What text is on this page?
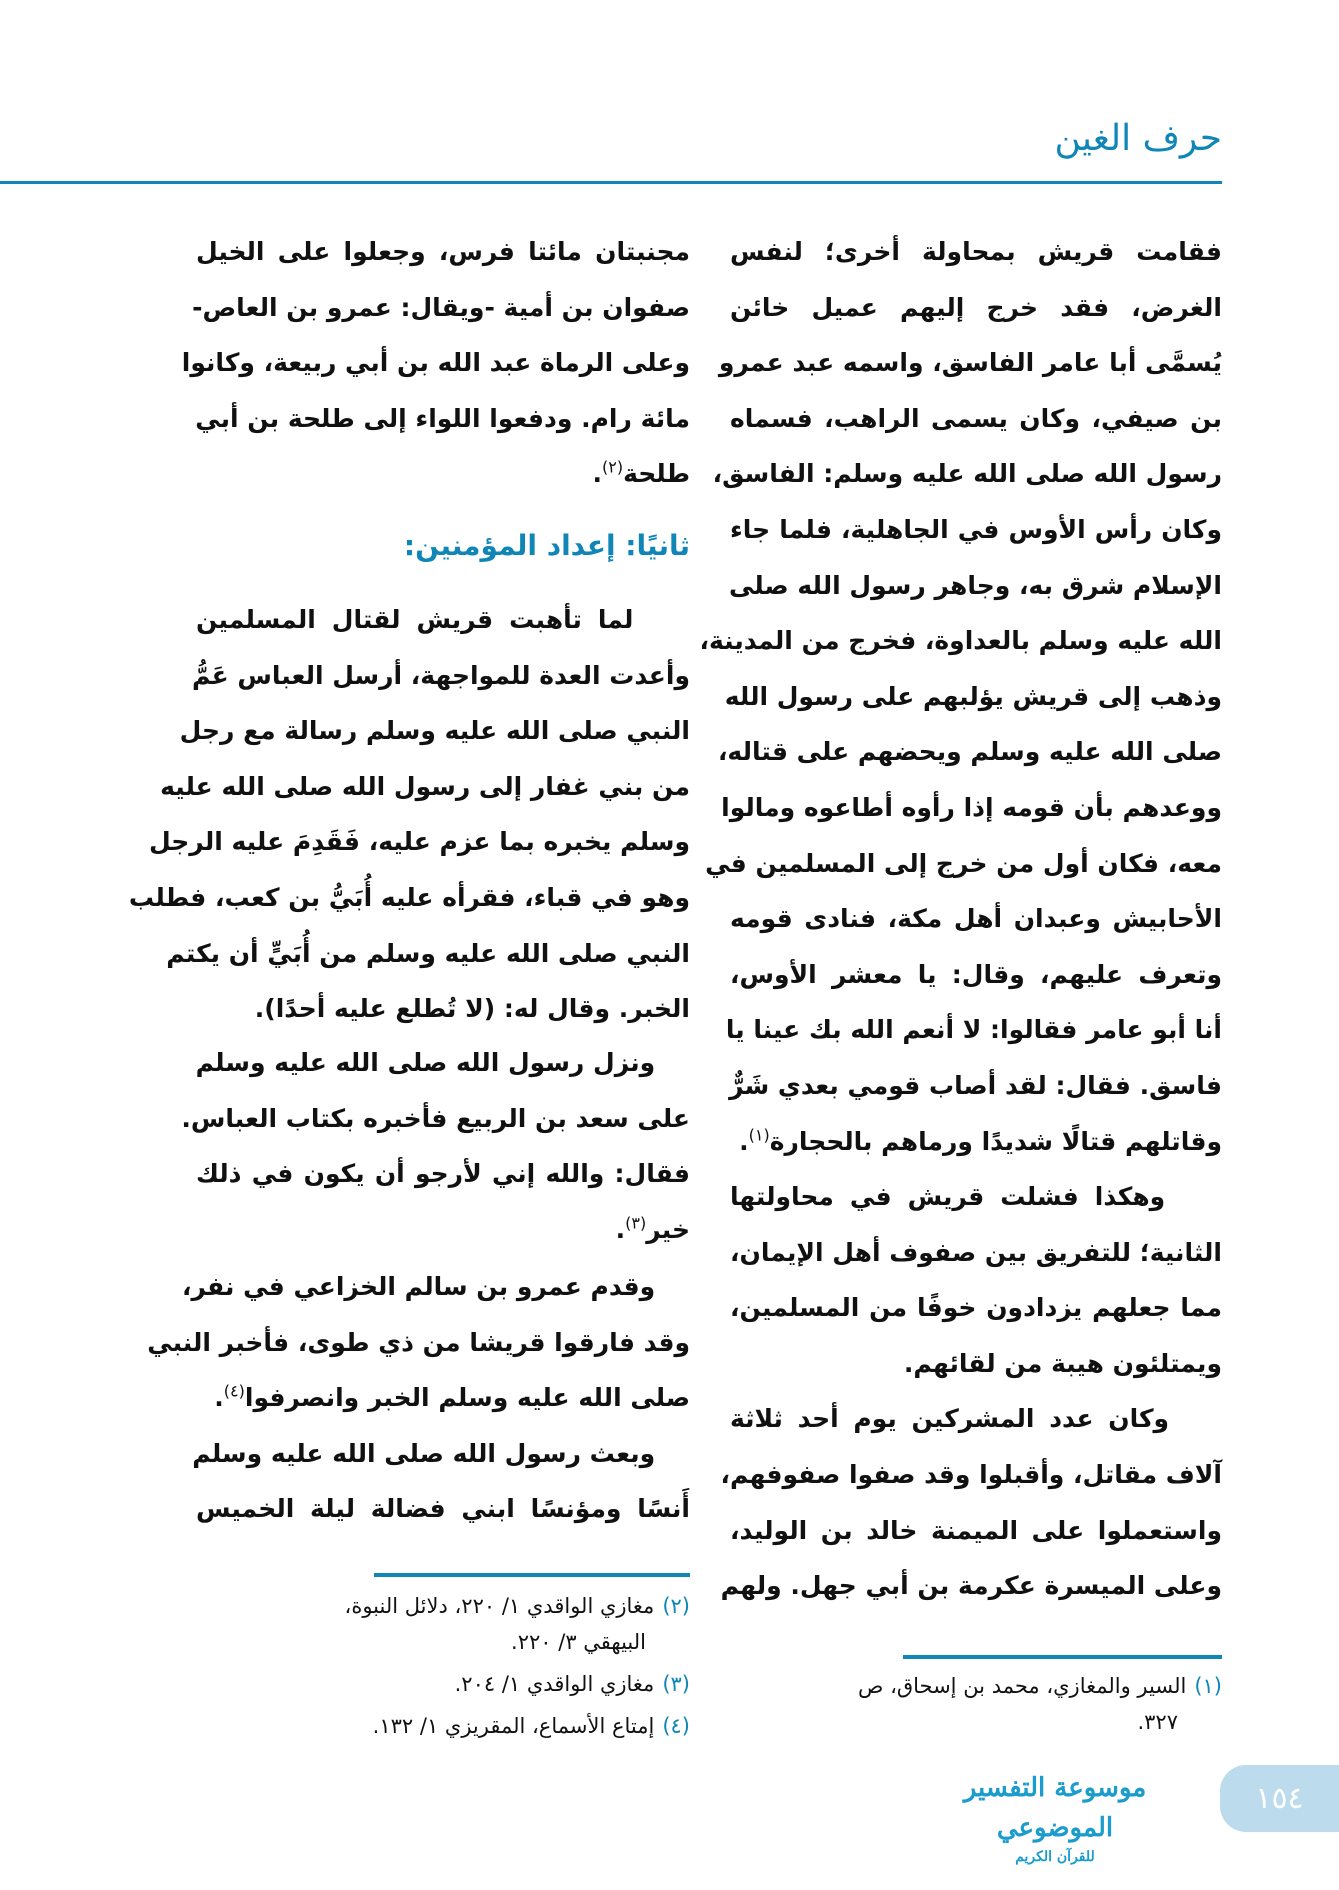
حرف الغين
فقامت قريش بمحاولة أخرى؛ لنفس
الغرض، فقد خرج إليهم عميل خائن
يُسمَّى أبا عامر الفاسق، واسمه عبد عمرو
بن صيفي، وكان يسمى الراهب، فسماه
رسول الله صلى الله عليه وسلم: الفاسق،
وكان رأس الأوس في الجاهلية، فلما جاء
الإسلام شرق به، وجاهر رسول الله صلى
الله عليه وسلم بالعداوة، فخرج من المدينة،
وذهب إلى قريش يؤلبهم على رسول الله
صلى الله عليه وسلم ويحضهم على قتاله،
ووعدهم بأن قومه إذا رأوه أطاعوه ومالوا
معه، فكان أول من خرج إلى المسلمين في
الأحابيش وعبدان أهل مكة، فنادى قومه
وتعرف عليهم، وقال: يا معشر الأوس،
أنا أبو عامر فقالوا: لا أنعم الله بك عينا يا
فاسق. فقال: لقد أصاب قومي بعدي شَرٌّ
وقاتلهم قتالًا شديدًا ورماهم بالحجارة$^{(١)}$.
وهكذا فشلت قريش في محاولتها
الثانية؛ للتفريق بين صفوف أهل الإيمان،
مما جعلهم يزدادون خوفًا من المسلمين،
ويمتلئون هيبة من لقائهم.
وكان عدد المشركين يوم أحد ثلاثة
آلاف مقاتل، وأقبلوا وقد صفوا صفوفهم،
واستعملوا على الميمنة خالد بن الوليد،
وعلى الميسرة عكرمة بن أبي جهل. ولهم
(١)السير والمغازي، محمد بن إسحاق، ص
٣٢٧.
مجنبتان مائتا فرس، وجعلوا على الخيل
صفوان بن أمية -ويقال: عمرو بن العاص-
وعلى الرماة عبد الله بن أبي ربيعة، وكانوا
مائة رام. ودفعوا اللواء إلى طلحة بن أبي
طلحة$^{(٢)}$.
ثانيًا: إعداد المؤمنين:
لما تأهبت قريش لقتال المسلمين
وأعدت العدة للمواجهة، أرسل العباس عَمُّ
النبي صلى الله عليه وسلم رسالة مع رجل
من بني غفار إلى رسول الله صلى الله عليه
وسلم يخبره بما عزم عليه، فَقَدِمَ عليه الرجل
وهو في قباء، فقرأه عليه أُبَيُّ بن كعب، فطلب
النبي صلى الله عليه وسلم من أُبَيٍّ أن يكتم
الخبر. وقال له: (لا تُطلع عليه أحدًا).
ونزل رسول الله صلى الله عليه وسلم
على سعد بن الربيع فأخبره بكتاب العباس.
فقال: والله إني لأرجو أن يكون في ذلك
خير$^{(٣)}$.
وقدم عمرو بن سالم الخزاعي في نفر،
وقد فارقوا قريشا من ذي طوى، فأخبر النبي
صلى الله عليه وسلم الخبر وانصرفوا$^{(٤)}$.
وبعث رسول الله صلى الله عليه وسلم
أَنسًا ومؤنسًا ابني فضالة ليلة الخميس
(٢)مغازي الواقدي ١/ ٢٢٠، دلائل النبوة،
البيهقي ٣/ ٢٢٠.
(٣)مغازي الواقدي ١/ ٢٠٤.
(٤)إمتاع الأسماع، المقريزي ١/ ١٣٢.
موسوعة التفسير الموضوعي
للقرآن الكريم
١٥٤
